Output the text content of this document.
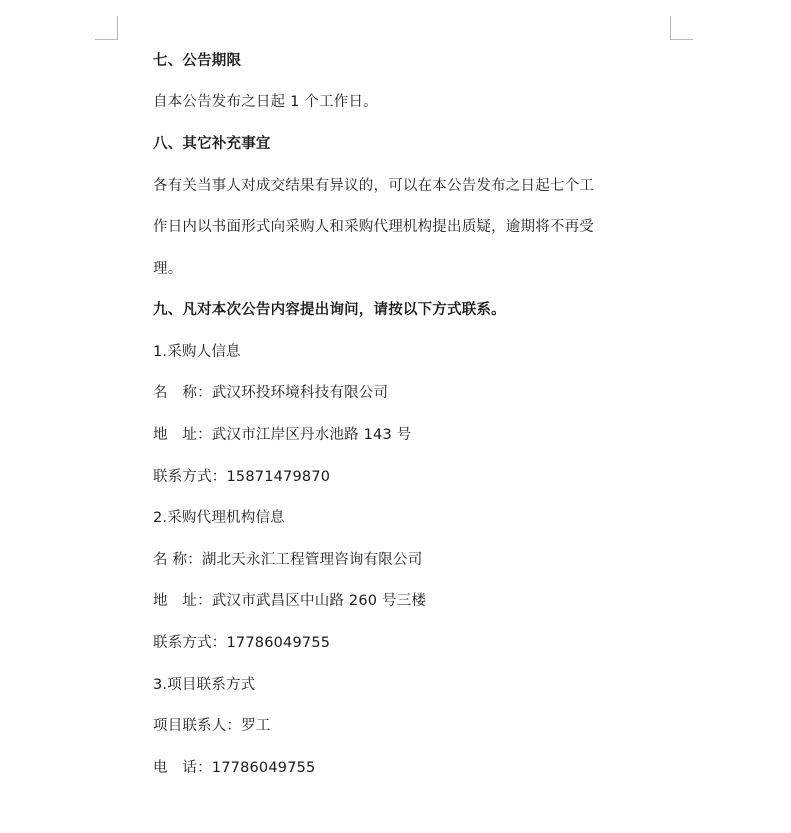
七、公告期限
自本公告发布之日起 1 个工作日。
八、其它补充事宜
各有关当事人对成交结果有异议的，可以在本公告发布之日起七个工
作日内以书面形式向采购人和采购代理机构提出质疑，逾期将不再受
理。
九、凡对本次公告内容提出询问，请按以下方式联系。
1.采购人信息
名　称：武汉环投环境科技有限公司
地　址：武汉市江岸区丹水池路 143 号
联系方式：15871479870
2.采购代理机构信息
名 称：湖北天永汇工程管理咨询有限公司
地　址：武汉市武昌区中山路 260 号三楼
联系方式：17786049755
3.项目联系方式
项目联系人：罗工
电　话：17786049755
